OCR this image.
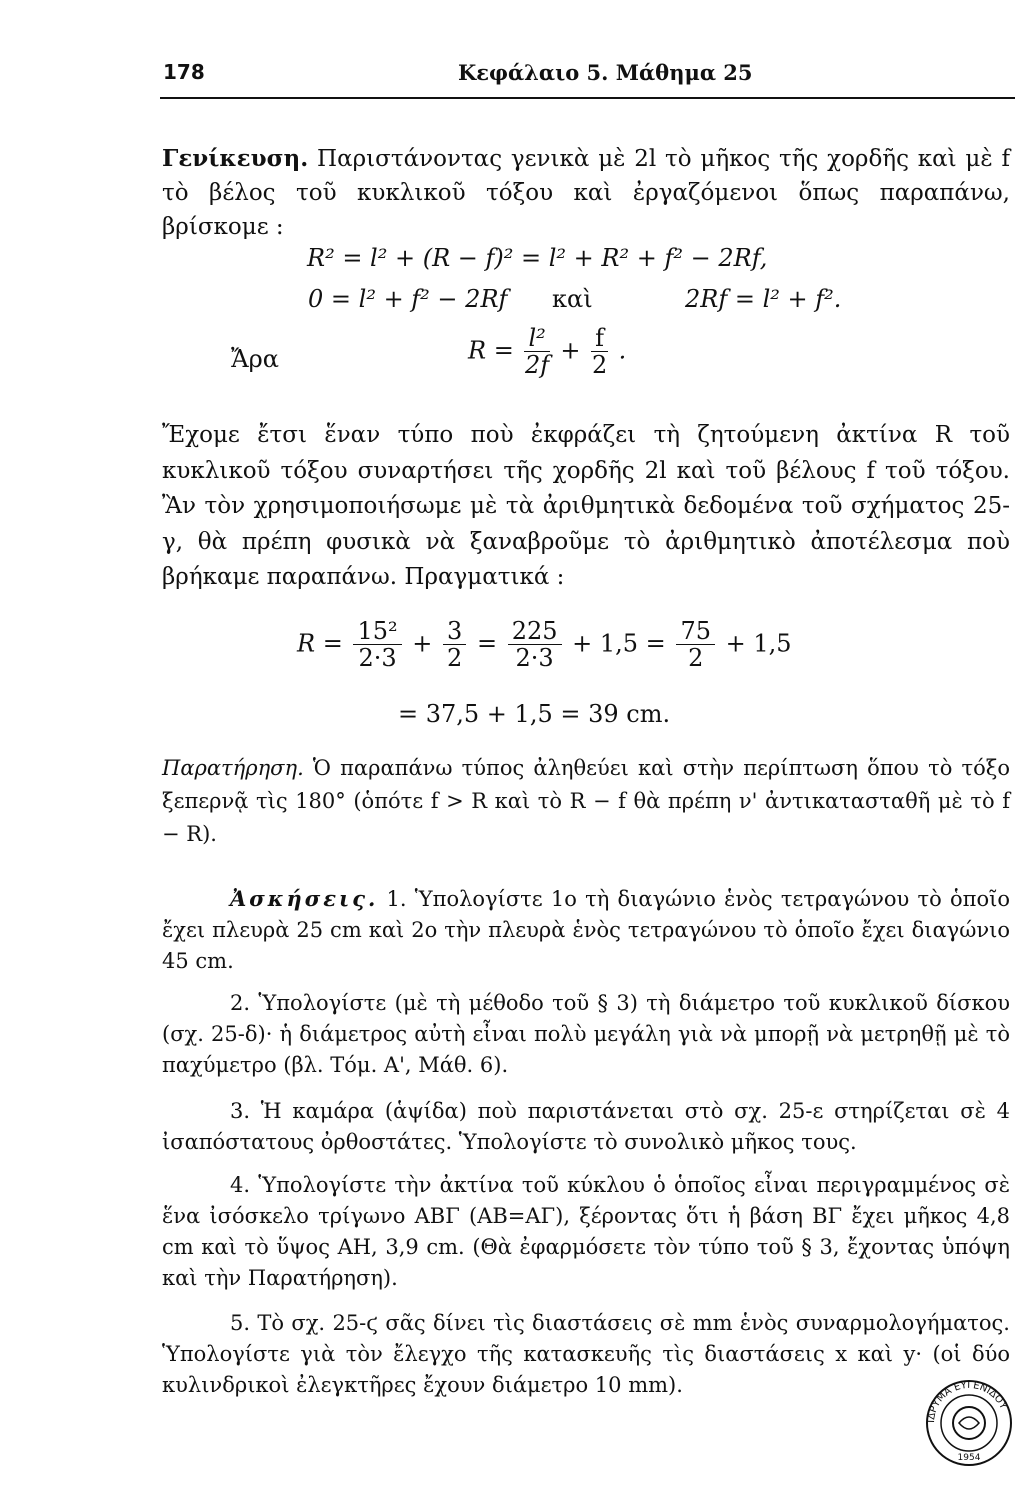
178	Κεφάλαιο 5. Μάθημα 25

Γενίκευση. Παριστάνοντας γενικὰ μὲ 2l τὸ μῆκος τῆς χορδῆς καὶ μὲ f τὸ βέλος τοῦ κυκλικοῦ τόξου καὶ ἐργαζόμενοι ὅπως παραπάνω, βρίσκομε :

R² = l² + (R − f)² = l² + R² + f² − 2Rf,
0 = l² + f² − 2Rf καὶ	2Rf = l² + f².
Ἄρα	$R = \frac{\text{l²}}{2f} + \frac{f}{2}$ .

Ἔχομε ἔτσι ἕναν τύπο ποὺ ἐκφράζει τὴ ζητούμενη ἀκτίνα R τοῦ κυκλικοῦ τόξου συναρτήσει τῆς χορδῆς 2l καὶ τοῦ βέλους f τοῦ τόξου. Ἂν τὸν χρησιμοποιήσωμε μὲ τὰ ἀριθμητικὰ δεδομένα τοῦ σχήματος 25-γ, θὰ πρέπη φυσικὰ νὰ ξαναβροῦμε τὸ ἀριθμητικὸ ἀποτέλεσμα ποὺ βρήκαμε παραπάνω. Πραγματικά :

$R = \frac{\text{15²}}{2\cdot 3} + \frac{3}{2} = \frac{225}{2\cdot 3} + 1,5 = \frac{75}{2} + 1,5$
= 37,5 + 1,5 = 39 cm.

Παρατήρηση. Ὁ παραπάνω τύπος ἀληθεύει καὶ στὴν περίπτωση ὅπου τὸ τόξο ξεπερνᾷ τὶς 180° (ὁπότε f > R καὶ τὸ R − f θὰ πρέπη ν' ἀντικατασταθῆ μὲ τὸ f − R).

Ἀσκήσεις. 1. Ὑπολογίστε 1ο τὴ διαγώνιο ἑνὸς τετραγώνου τὸ ὁποῖο ἔχει πλευρὰ 25 cm καὶ 2ο τὴν πλευρὰ ἑνὸς τετραγώνου τὸ ὁποῖο ἔχει διαγώνιο 45 cm.

2. Ὑπολογίστε (μὲ τὴ μέθοδο τοῦ § 3) τὴ διάμετρο τοῦ κυκλικοῦ δίσκου (σχ. 25-δ)· ἡ διάμετρος αὐτὴ εἶναι πολὺ μεγάλη γιὰ νὰ μπορῇ νὰ μετρηθῇ μὲ τὸ παχύμετρο (βλ. Τόμ. Α', Μάθ. 6).

3. Ἡ καμάρα (ἁψίδα) ποὺ παριστάνεται στὸ σχ. 25-ε στηρίζεται σὲ 4 ἰσαπόστατους ὀρθοστάτες. Ὑπολογίστε τὸ συνολικὸ μῆκος τους.

4. Ὑπολογίστε τὴν ἀκτίνα τοῦ κύκλου ὁ ὁποῖος εἶναι περιγραμμένος σὲ ἕνα ἰσόσκελο τρίγωνο ΑΒΓ (ΑΒ=ΑΓ), ξέροντας ὅτι ἡ βάση ΒΓ ἔχει μῆκος 4,8 cm καὶ τὸ ὕψος ΑΗ, 3,9 cm. (Θὰ ἐφαρμόσετε τὸν τύπο τοῦ § 3, ἔχοντας ὑπόψη καὶ τὴν Παρατήρηση).

5. Τὸ σχ. 25-ϛ σᾶς δίνει τὶς διαστάσεις σὲ mm ἑνὸς συναρμολογήματος. Ὑπολογίστε γιὰ τὸν ἔλεγχο τῆς κατασκευῆς τὶς διαστάσεις x καὶ y· (οἱ δύο κυλινδρικοὶ ἐλεγκτῆρες ἔχουν διάμετρο 10 mm).

ΙΔΡΥΜΑ ΕΥΓΕΝΙΔΟΥ
1954
